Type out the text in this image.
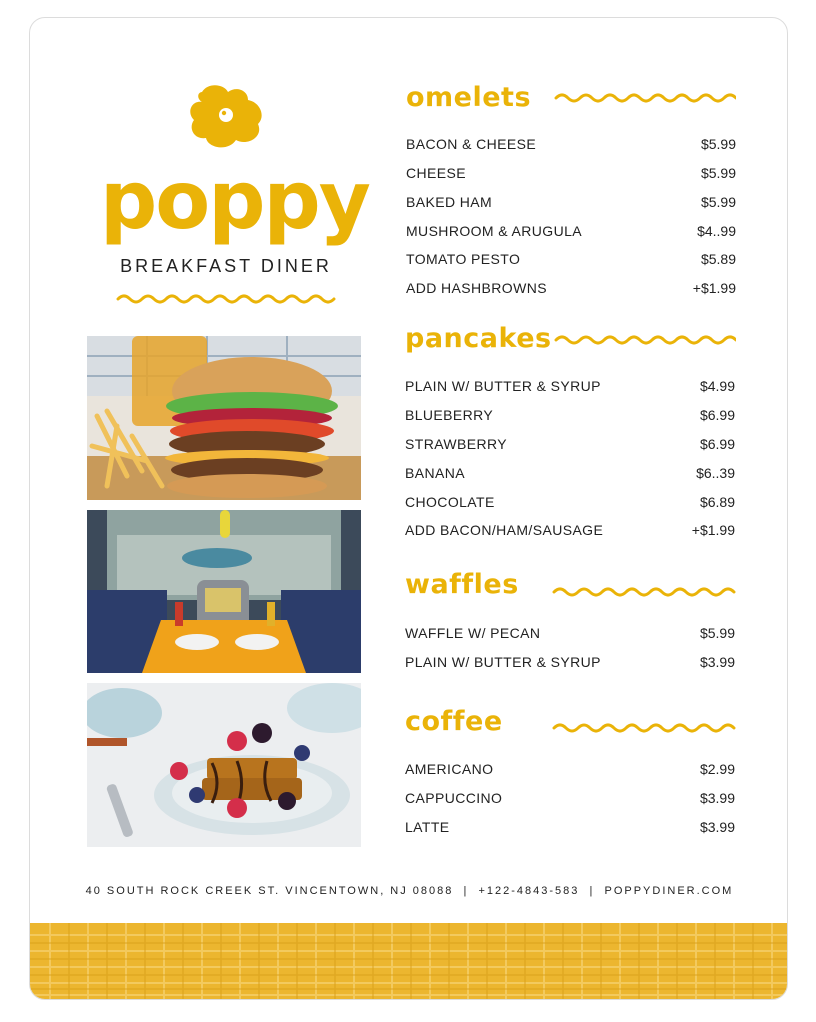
poppy
BREAKFAST DINER
omelets
BACON & CHEESE	$5.99
CHEESE	$5.99
BAKED HAM	$5.99
MUSHROOM & ARUGULA	$4..99
TOMATO PESTO	$5.89
ADD HASHBROWNS	+$1.99
pancakes
PLAIN W/ BUTTER & SYRUP	$4.99
BLUEBERRY	$6.99
STRAWBERRY	$6.99
BANANA	$6..39
CHOCOLATE	$6.89
ADD BACON/HAM/SAUSAGE	+$1.99
waffles
WAFFLE W/ PECAN	$5.99
PLAIN W/ BUTTER & SYRUP	$3.99
coffee
AMERICANO	$2.99
CAPPUCCINO	$3.99
LATTE	$3.99
40 SOUTH ROCK CREEK ST. VINCENTOWN, NJ 08088  |  +122-4843-583  |  POPPYDINER.COM
